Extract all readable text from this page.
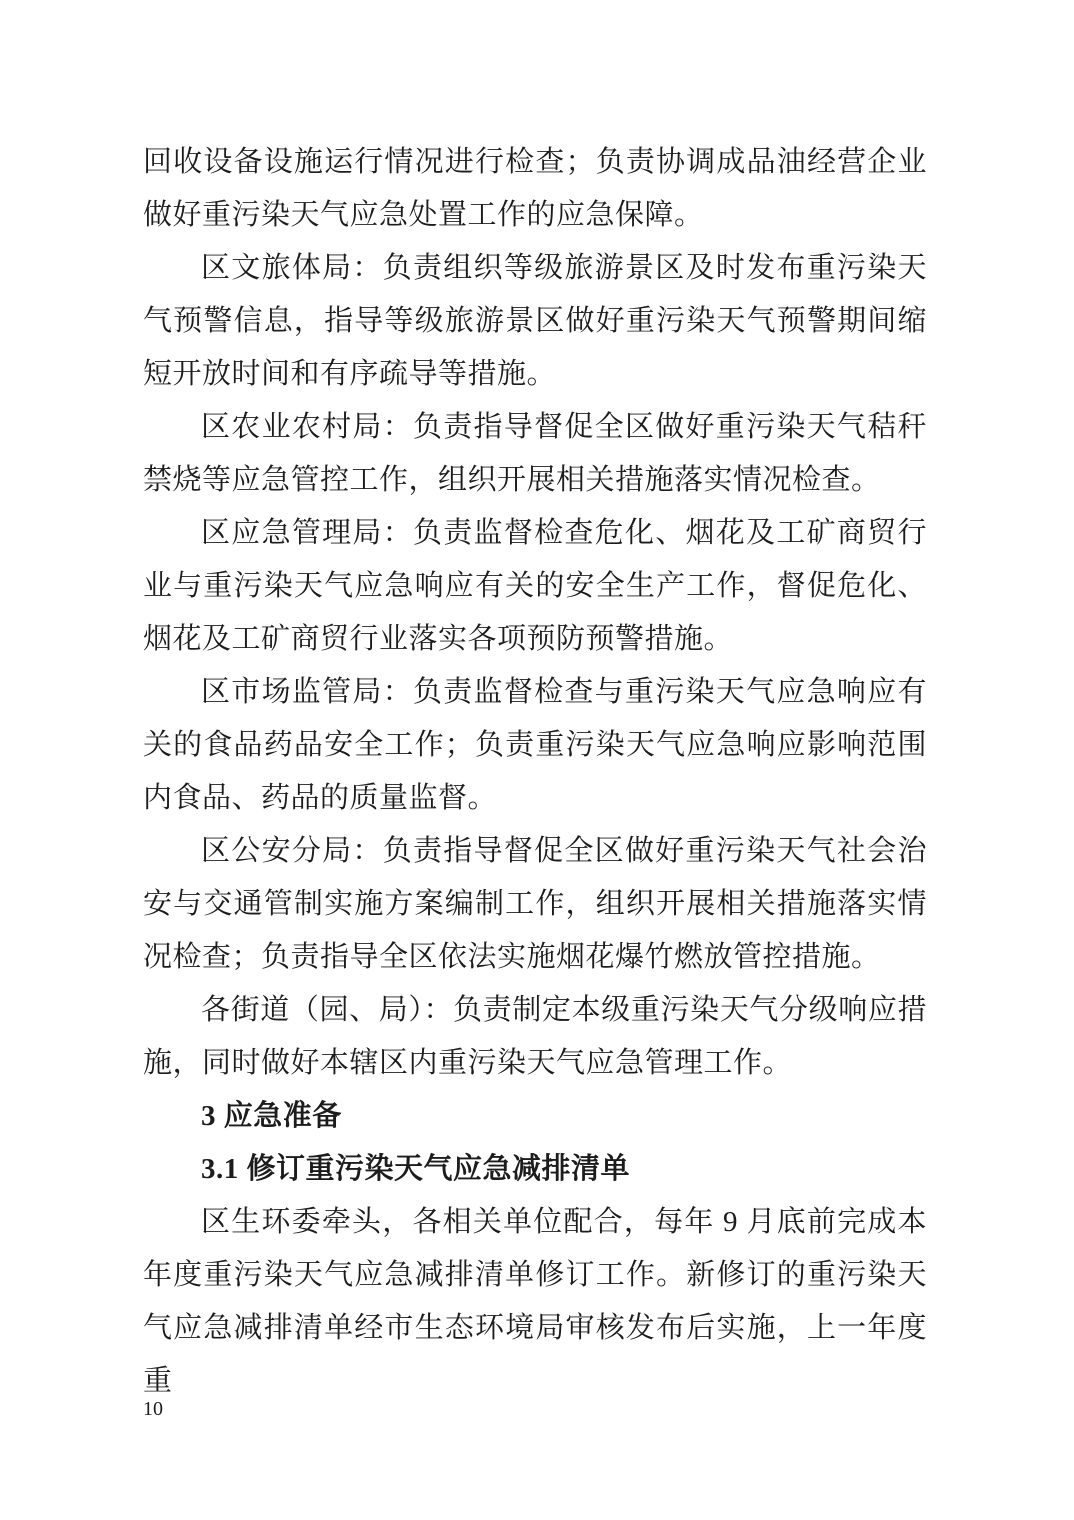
回收设备设施运行情况进行检查；负责协调成品油经营企业做好重污染天气应急处置工作的应急保障。

区文旅体局：负责组织等级旅游景区及时发布重污染天气预警信息，指导等级旅游景区做好重污染天气预警期间缩短开放时间和有序疏导等措施。

区农业农村局：负责指导督促全区做好重污染天气秸秆禁烧等应急管控工作，组织开展相关措施落实情况检查。

区应急管理局：负责监督检查危化、烟花及工矿商贸行业与重污染天气应急响应有关的安全生产工作，督促危化、烟花及工矿商贸行业落实各项预防预警措施。

区市场监管局：负责监督检查与重污染天气应急响应有关的食品药品安全工作；负责重污染天气应急响应影响范围内食品、药品的质量监督。

区公安分局：负责指导督促全区做好重污染天气社会治安与交通管制实施方案编制工作，组织开展相关措施落实情况检查；负责指导全区依法实施烟花爆竹燃放管控措施。

各街道（园、局）：负责制定本级重污染天气分级响应措施，同时做好本辖区内重污染天气应急管理工作。

3 应急准备

3.1 修订重污染天气应急减排清单

区生环委牵头，各相关单位配合，每年 9 月底前完成本年度重污染天气应急减排清单修订工作。新修订的重污染天气应急减排清单经市生态环境局审核发布后实施，上一年度重

10
